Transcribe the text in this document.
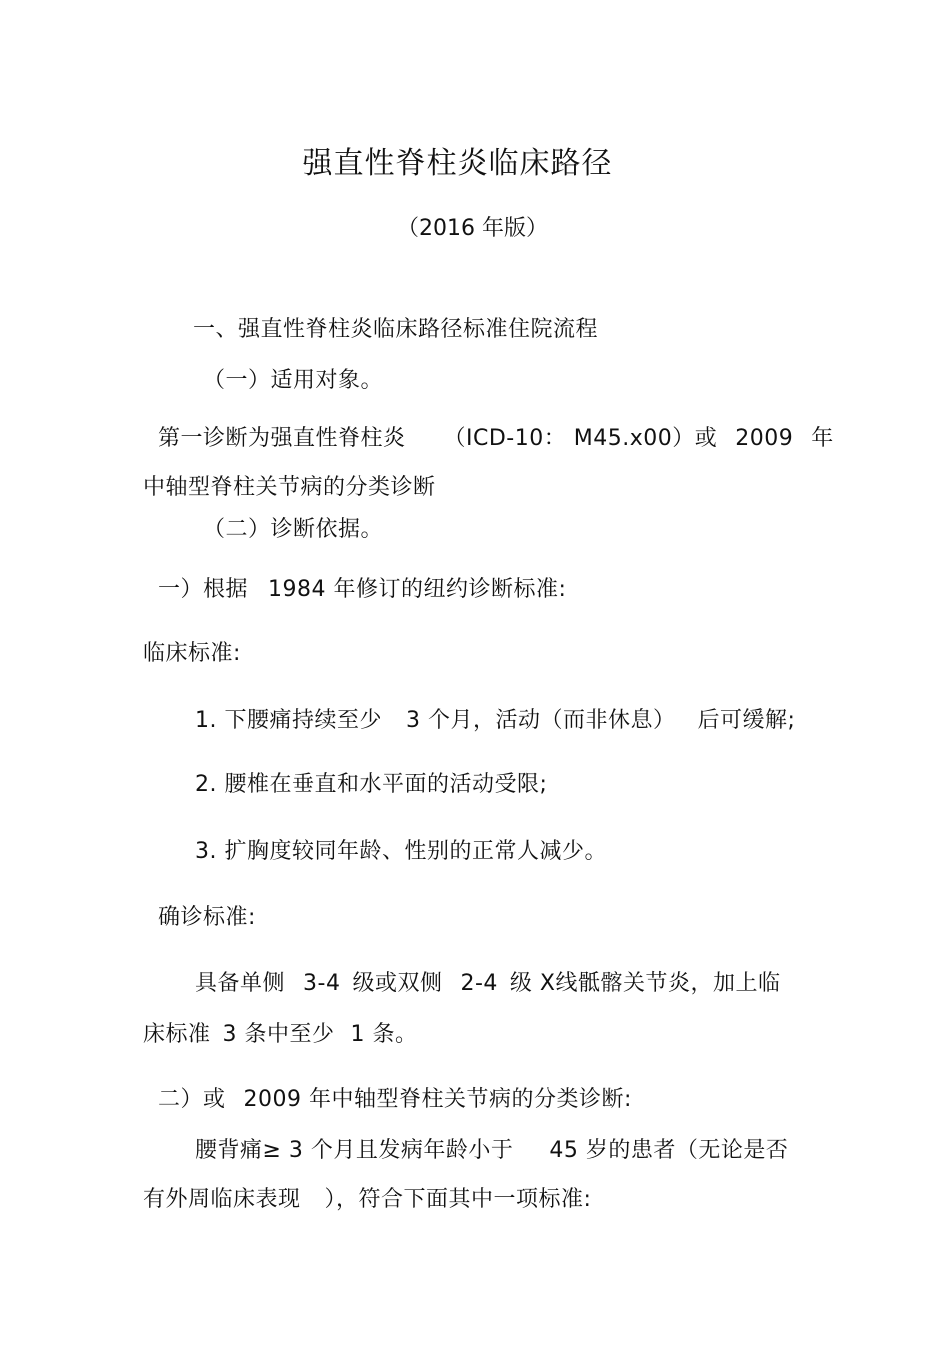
强直性脊柱炎临床路径
（2016 年版）
一、强直性脊柱炎临床路径标准住院流程
（一）适用对象。
第一诊断为强直性脊柱炎 （ICD-10： M45.x00）或 2009 年
中轴型脊柱关节病的分类诊断
（二）诊断依据。
一）根据 1984 年修订的纽约诊断标准:
临床标准:
1. 下腰痛持续至少 3 个月，活动（而非休息） 后可缓解;
2. 腰椎在垂直和水平面的活动受限;
3. 扩胸度较同年龄、性别的正常人减少。
确诊标准:
具备单侧 3-4 级或双侧 2-4 级 X线骶髂关节炎，加上临
床标准 3 条中至少 1 条。
二）或 2009 年中轴型脊柱关节病的分类诊断:
腰背痛≥ 3 个月且发病年龄小于 45 岁的患者（无论是否
有外周临床表现 ），符合下面其中一项标准:
